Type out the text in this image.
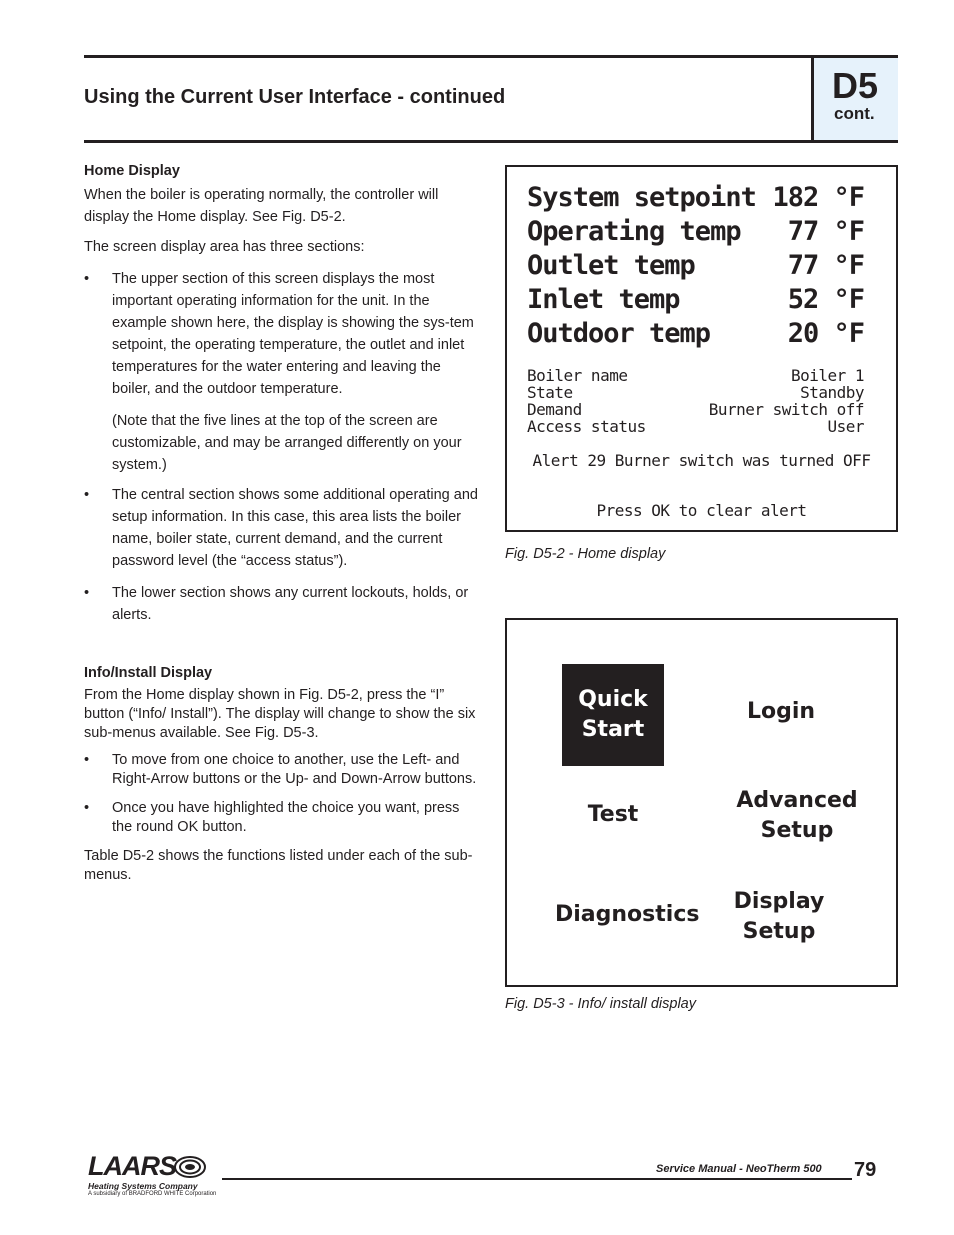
Using the Current User Interface - continued	D5
cont.
Home Display

When the boiler is operating normally, the controller will display the Home display. See Fig. D5-2.

The screen display area has three sections:

• The upper section of this screen displays the most important operating information for the unit. In the example shown here, the display is showing the sys-tem setpoint, the operating temperature, the outlet and inlet temperatures for the water entering and leaving the boiler, and the outdoor temperature.

(Note that the five lines at the top of the screen are customizable, and may be arranged differently on your system.)

• The central section shows some additional operating and setup information. In this case, this area lists the boiler name, boiler state, current demand, and the current password level (the “access status”).

• The lower section shows any current lockouts, holds, or alerts.

Info/Install Display

From the Home display shown in Fig. D5-2, press the “I” button (“Info/ Install”). The display will change to show the six sub-menus available. See Fig. D5-3.

• To move from one choice to another, use the Left- and Right-Arrow buttons or the Up- and Down-Arrow buttons.

• Once you have highlighted the choice you want, press the round OK button.

Table D5-2 shows the functions listed under each of the sub-menus.

System setpoint 182 °F
Operating temp 77 °F
Outlet temp	77 °F
Inlet temp	52 °F
Outdoor temp	20 °F
Boiler name	Boiler 1
State	Standby
Demand	Burner switch off
Access status	User
Alert 29 Burner switch was turned OFF
Press OK to clear alert
Fig. D5-2 - Home display
Quick
Start
Login
Test
Advanced
Setup
Diagnostics
Display
Setup
Fig. D5-3 - Info/ install display
LAARS
Heating Systems Company
A subsidiary of BRADFORD WHITE Corporation
Service Manual - NeoTherm 500 79
